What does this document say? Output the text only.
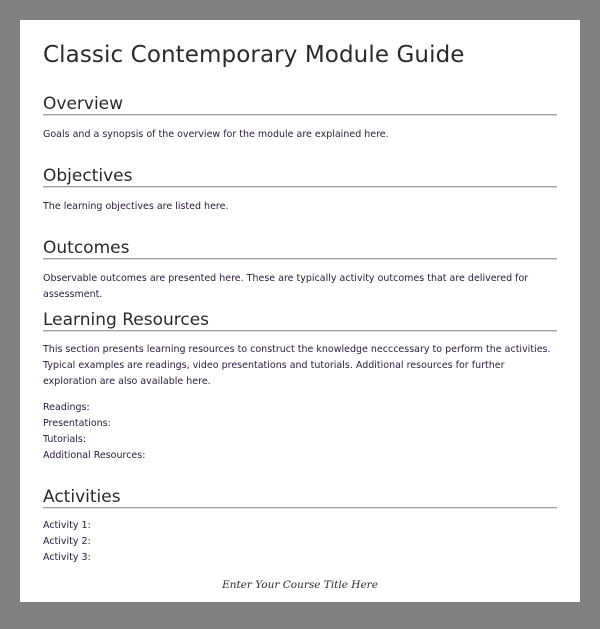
Classic Contemporary Module Guide
Overview

Goals and a synopsis of the overview for the module are explained here.

Objectives

The learning objectives are listed here.

Outcomes

Observable outcomes are presented here. These are typically activity outcomes that are delivered for assessment.

Learning Resources

This section presents learning resources to construct the knowledge necccessary to perform the activities. Typical examples are readings, video presentations and tutorials. Additional resources for further exploration are also available here.

Readings:
Presentations:
Tutorials:
Additional Resources:
Activities
Activity 1:
Activity 2:
Activity 3:
Enter Your Course Title Here
